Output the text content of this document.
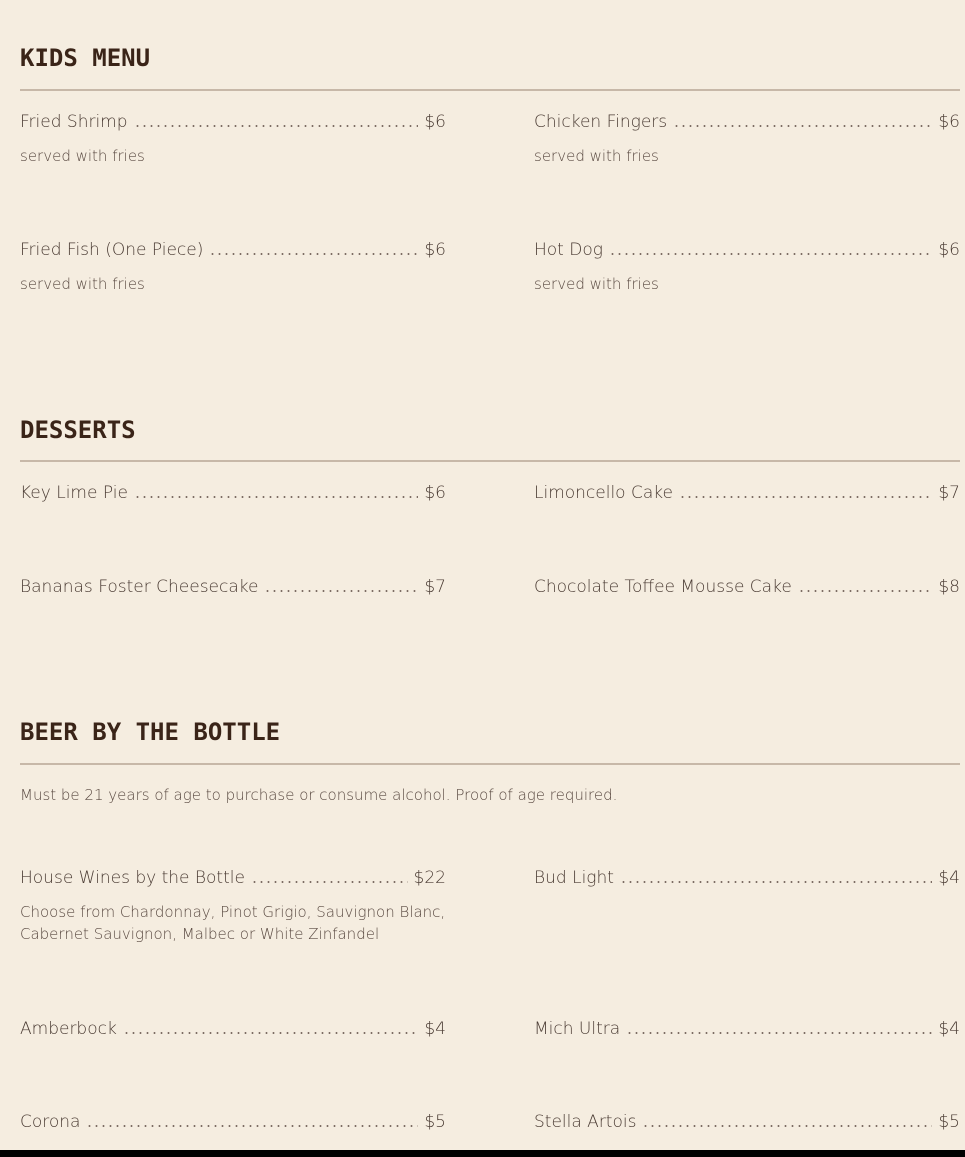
KIDS MENU
Fried Shrimp	$6
served with fries
Chicken Fingers	$6
served with fries
Fried Fish (One Piece)	$6
served with fries
Hot Dog	$6
served with fries
DESSERTS
Key Lime Pie	$6	Limoncello Cake	$7
Bananas Foster Cheesecake	$7	Chocolate Toffee Mousse Cake	$8
BEER BY THE BOTTLE
Must be 21 years of age to purchase or consume alcohol. Proof of age required.
House Wines by the Bottle	$22
Choose from Chardonnay, Pinot Grigio, Sauvignon Blanc, Cabernet Sauvignon, Malbec or White Zinfandel
Bud Light	$4
Amberbock	$4	Mich Ultra	$4
Corona	$5	Stella Artois	$5
